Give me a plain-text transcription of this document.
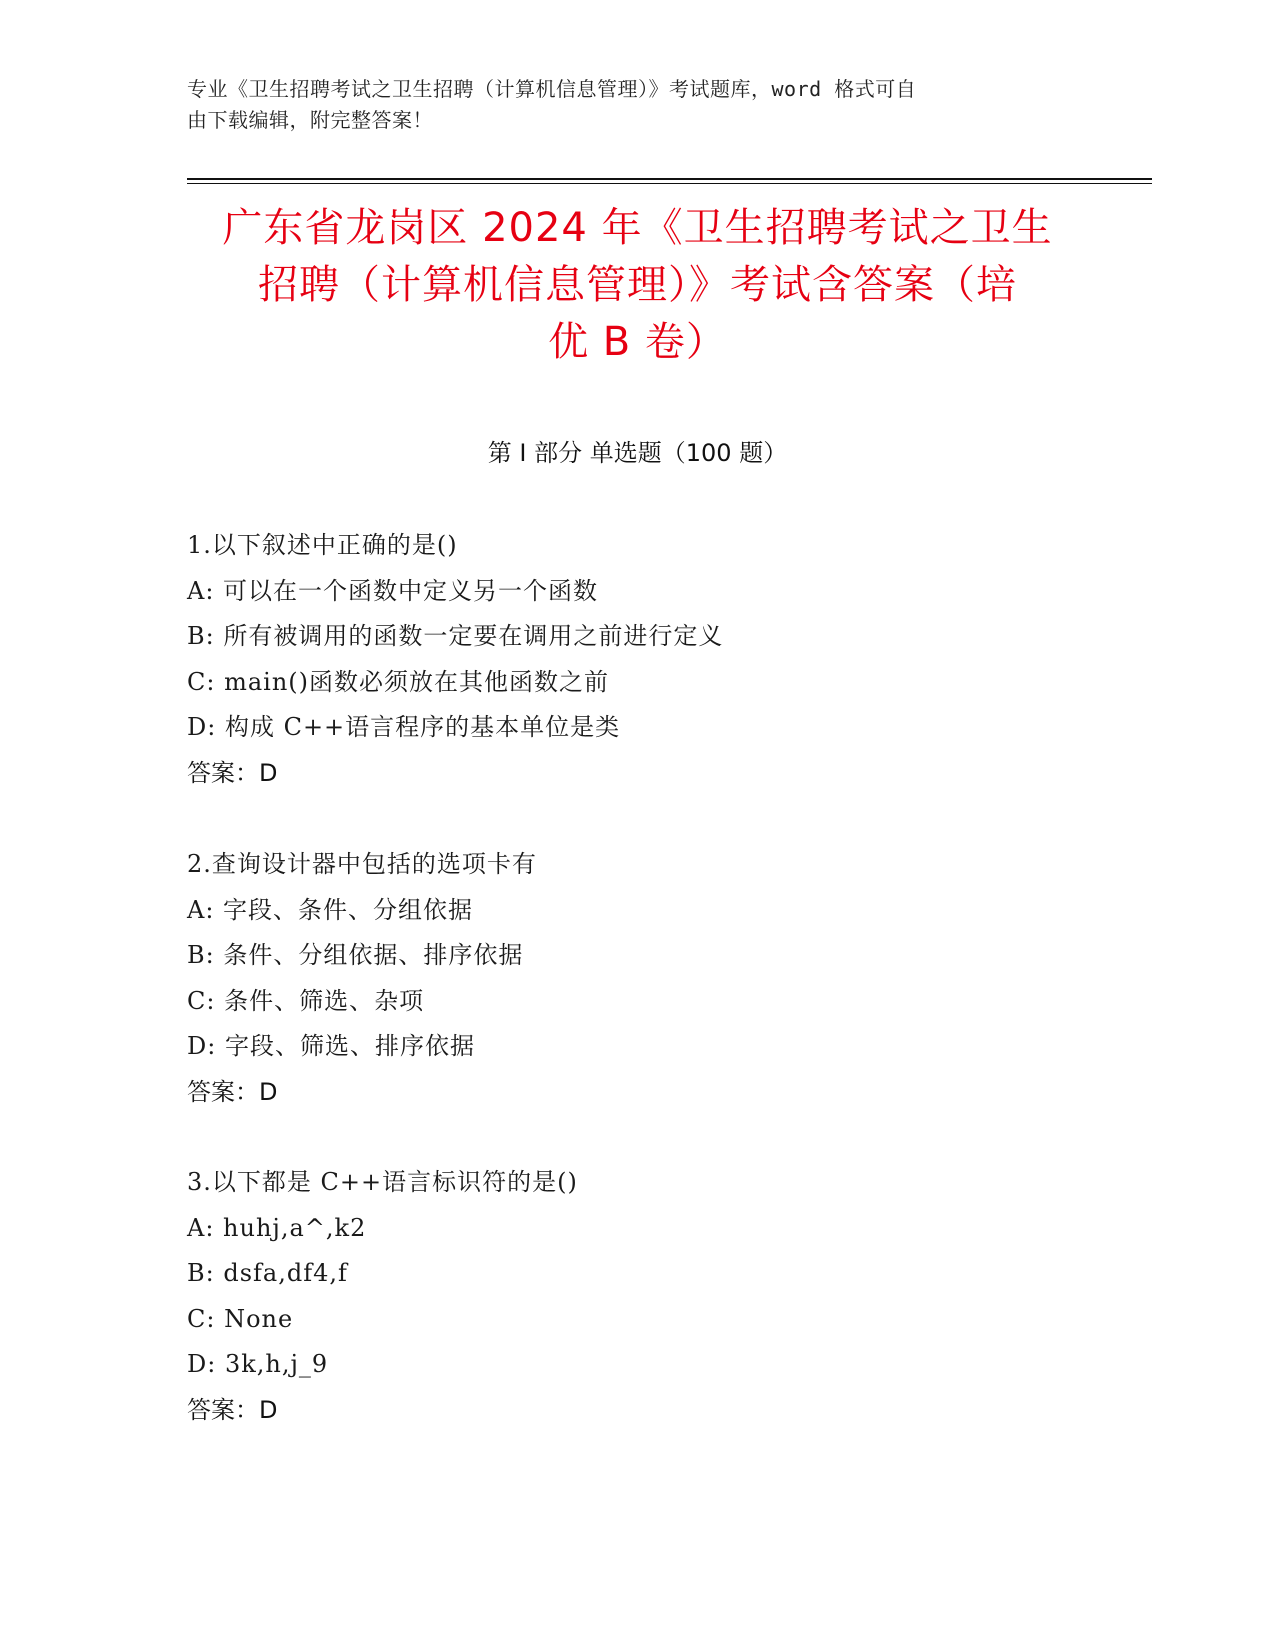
专业《卫生招聘考试之卫生招聘（计算机信息管理）》考试题库，word 格式可自
由下载编辑，附完整答案！
广东省龙岗区 2024 年《卫生招聘考试之卫生
招聘（计算机信息管理）》考试含答案（培
优 B 卷）
第 I 部分 单选题（100 题）
1.以下叙述中正确的是()
A: 可以在一个函数中定义另一个函数
B: 所有被调用的函数一定要在调用之前进行定义
C: main()函数必须放在其他函数之前
D: 构成 C++语言程序的基本单位是类
答案：D
2.查询设计器中包括的选项卡有
A: 字段、条件、分组依据
B: 条件、分组依据、排序依据
C: 条件、筛选、杂项
D: 字段、筛选、排序依据
答案：D
3.以下都是 C++语言标识符的是()
A: huhj,a^,k2
B: dsfa,df4,f
C: None
D: 3k,h,j_9
答案：D
